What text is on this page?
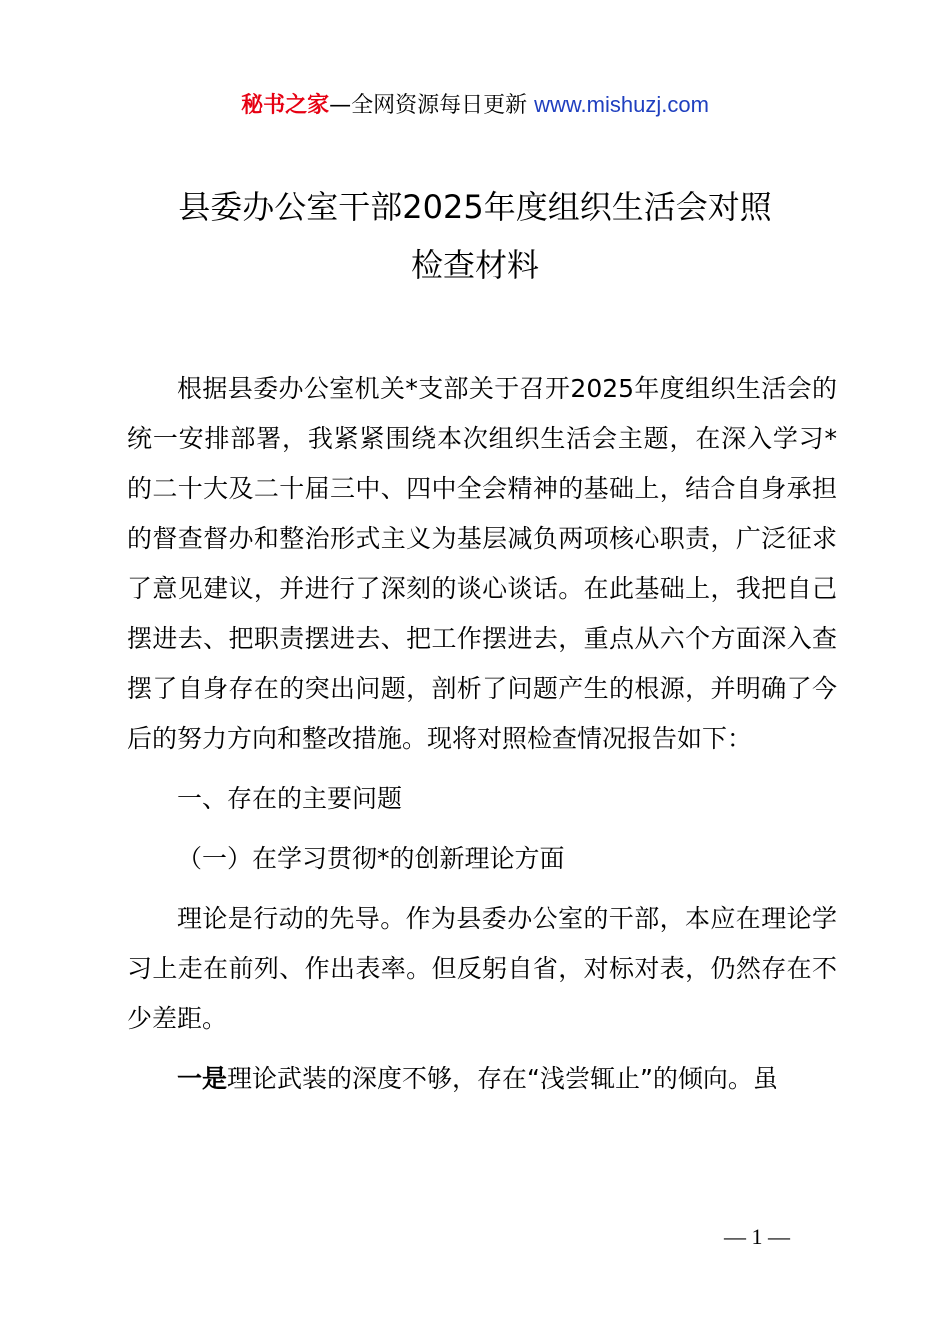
秘书之家—全网资源每日更新 www.mishuzj.com
县委办公室干部2025年度组织生活会对照
检查材料

根据县委办公室机关*支部关于召开2025年度组织生活会的统一安排部署，我紧紧围绕本次组织生活会主题，在深入学习*的二十大及二十届三中、四中全会精神的基础上，结合自身承担的督查督办和整治形式主义为基层减负两项核心职责，广泛征求了意见建议，并进行了深刻的谈心谈话。在此基础上，我把自己摆进去、把职责摆进去、把工作摆进去，重点从六个方面深入查摆了自身存在的突出问题，剖析了问题产生的根源，并明确了今后的努力方向和整改措施。现将对照检查情况报告如下：

一、存在的主要问题

（一）在学习贯彻*的创新理论方面

理论是行动的先导。作为县委办公室的干部，本应在理论学习上走在前列、作出表率。但反躬自省，对标对表，仍然存在不少差距。

一是理论武装的深度不够，存在“浅尝辄止”的倾向。虽

— 1 —
